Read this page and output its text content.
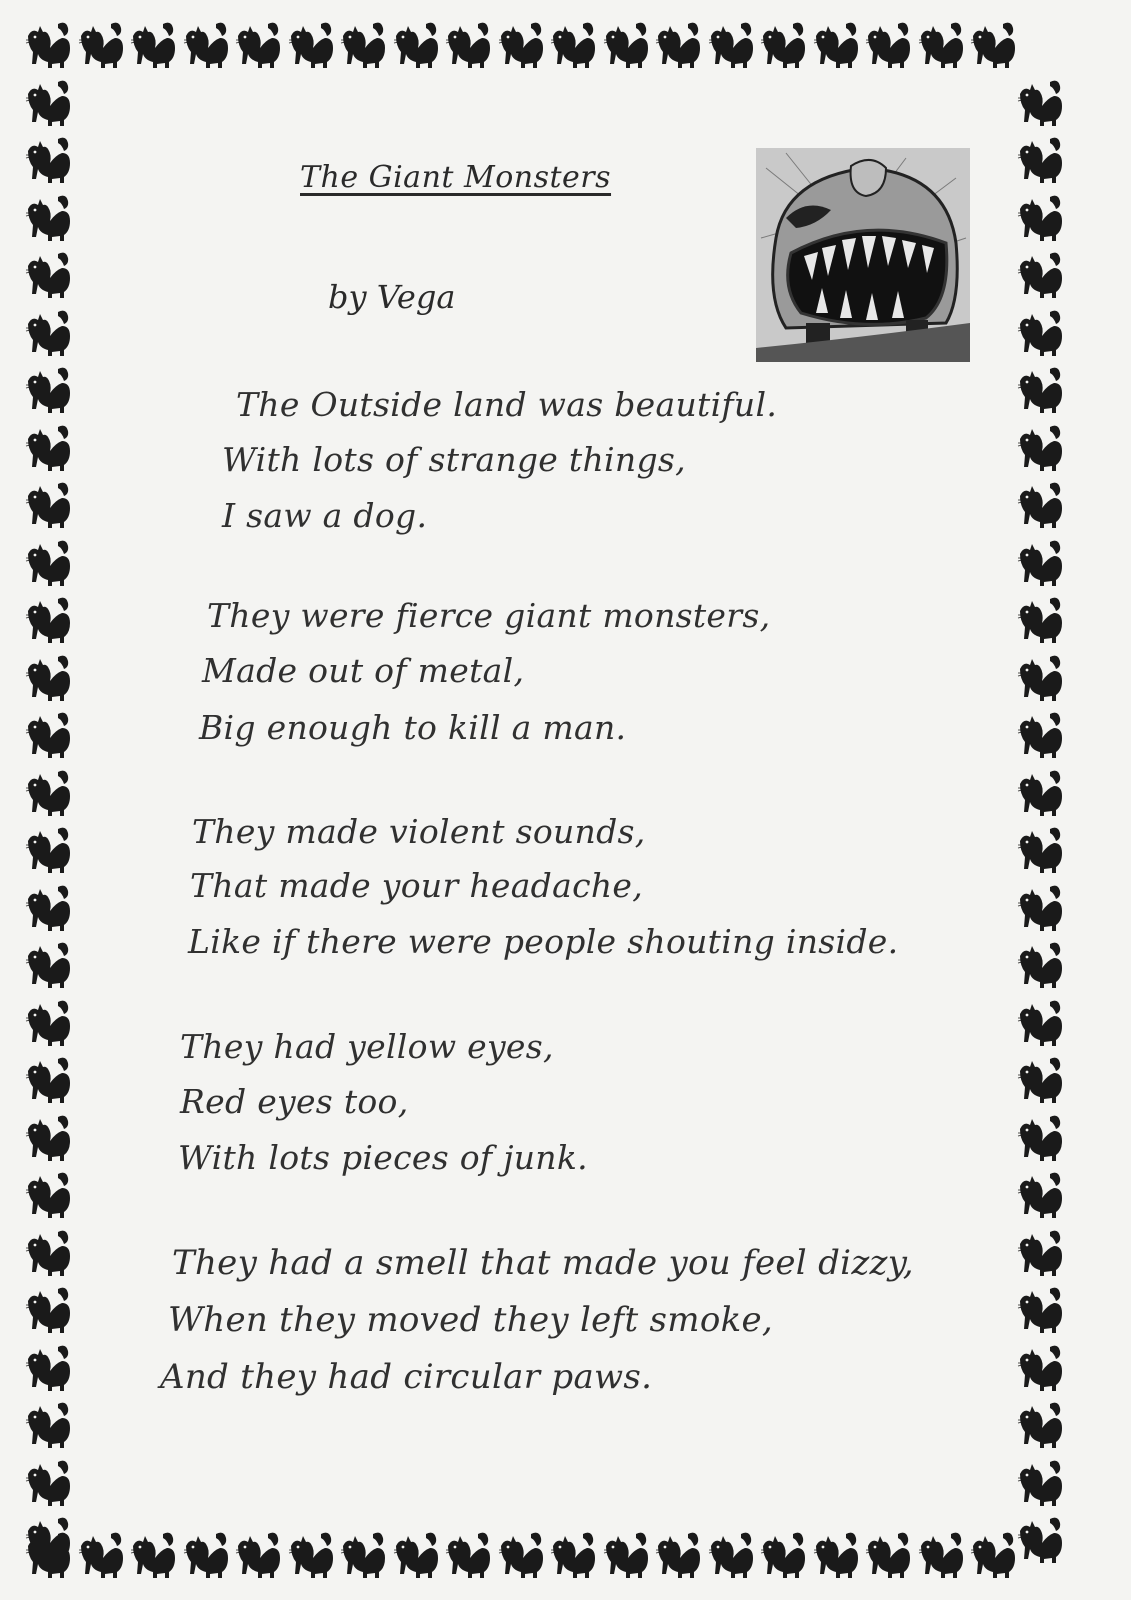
The Giant Monsters
by Vega
The Outside land was beautiful.
With lots of strange things,
I saw a dog.
They were fierce giant monsters,
Made out of metal,
Big enough to kill a man.
They made violent sounds,
That made your headache,
Like if there were people shouting inside.
They had yellow eyes,
Red eyes too,
With lots pieces of junk.
They had a smell that made you feel dizzy,
When they moved they left smoke,
And they had circular paws.
